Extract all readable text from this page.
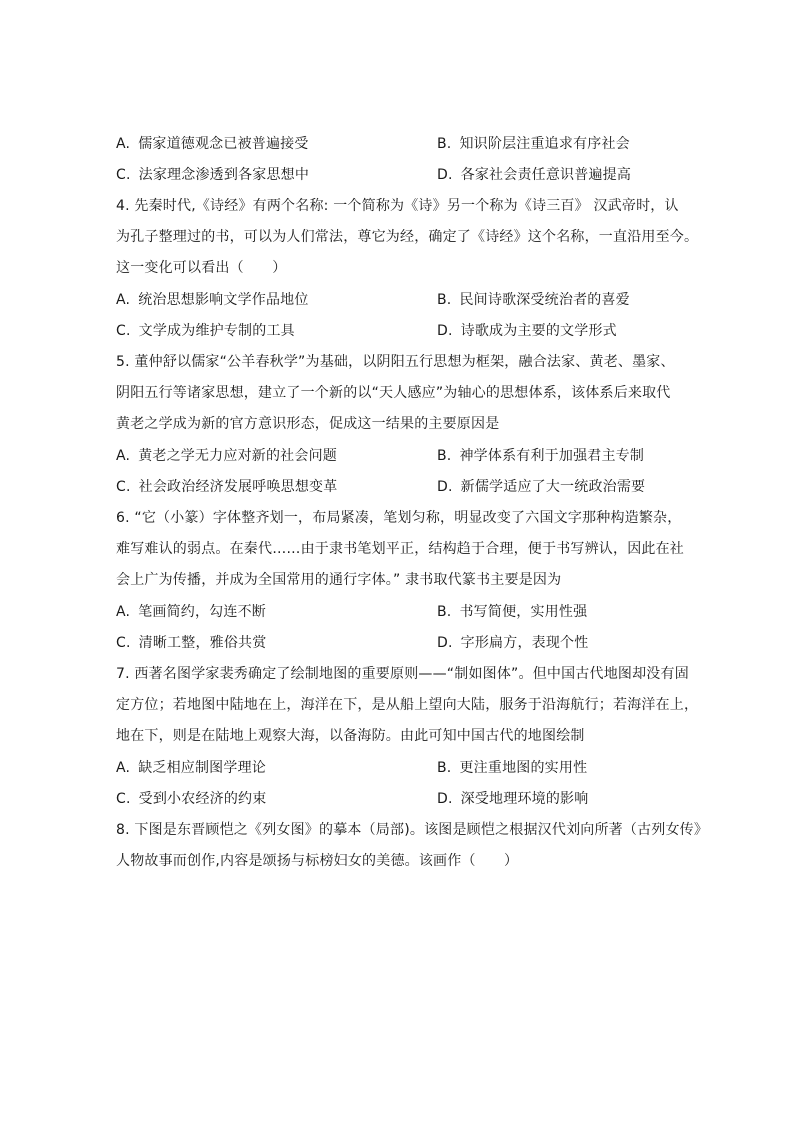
A. 儒家道德观念已被普遍接受	B. 知识阶层注重追求有序社会
C. 法家理念渗透到各家思想中	D. 各家社会责任意识普遍提高
4. 先秦时代,《诗经》有两个名称: 一个简称为《诗》另一个称为《诗三百》 汉武帝时，认
为孔子整理过的书，可以为人们常法，尊它为经，确定了《诗经》这个名称，一直沿用至今。
这一变化可以看出（　　）
A. 统治思想影响文学作品地位	B. 民间诗歌深受统治者的喜爱
C. 文学成为维护专制的工具	D. 诗歌成为主要的文学形式
5. 董仲舒以儒家“公羊春秋学”为基础，以阴阳五行思想为框架，融合法家、黄老、墨家、
阴阳五行等诸家思想，建立了一个新的以“天人感应”为轴心的思想体系，该体系后来取代
黄老之学成为新的官方意识形态，促成这一结果的主要原因是
A. 黄老之学无力应对新的社会问题	B. 神学体系有利于加强君主专制
C. 社会政治经济发展呼唤思想变革	D. 新儒学适应了大一统政治需要
6. “它（小篆）字体整齐划一，布局紧凑，笔划匀称，明显改变了六国文字那种构造繁杂，
难写难认的弱点。在秦代……由于隶书笔划平正，结构趋于合理，便于书写辨认，因此在社
会上广为传播，并成为全国常用的通行字体。” 隶书取代篆书主要是因为
A. 笔画简约，勾连不断	B. 书写简便，实用性强
C. 清晰工整，雅俗共赏	D. 字形扁方，表现个性
7. 西著名图学家裴秀确定了绘制地图的重要原则——“制如图体”。但中国古代地图却没有固
定方位；若地图中陆地在上，海洋在下，是从船上望向大陆，服务于沿海航行；若海洋在上，
地在下，则是在陆地上观察大海，以备海防。由此可知中国古代的地图绘制
A. 缺乏相应制图学理论	B. 更注重地图的实用性
C. 受到小农经济的约束	D. 深受地理环境的影响
8. 下图是东晋顾恺之《列女图》的摹本（局部)。该图是顾恺之根据汉代刘向所著（古列女传》
人物故事而创作,内容是颂扬与标榜妇女的美德。该画作（　　）
